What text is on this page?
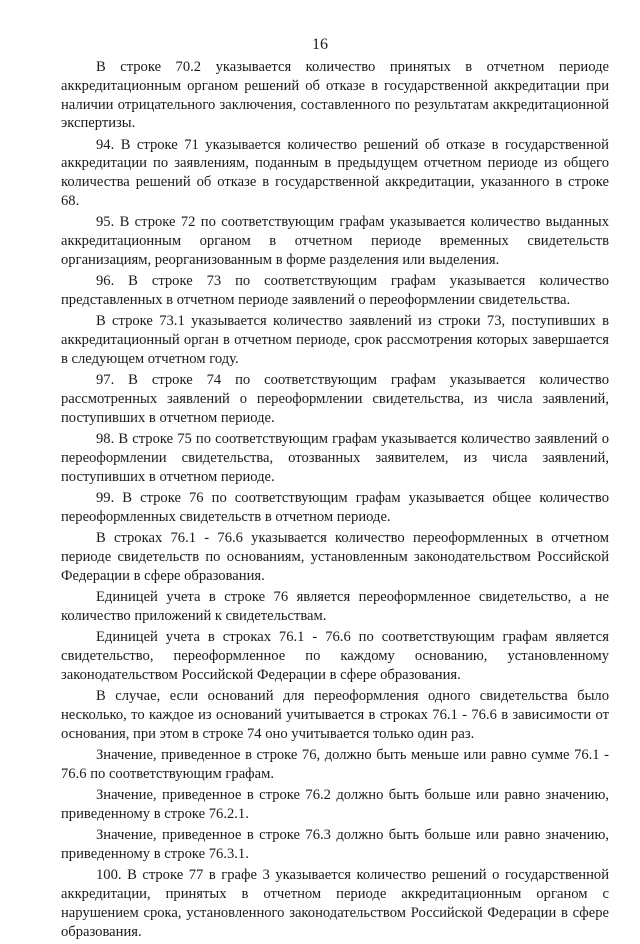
16

В строке 70.2 указывается количество принятых в отчетном периоде аккредитационным органом решений об отказе в государственной аккредитации при наличии отрицательного заключения, составленного по результатам аккредитационной экспертизы.

94. В строке 71 указывается количество решений об отказе в государственной аккредитации по заявлениям, поданным в предыдущем отчетном периоде из общего количества решений об отказе в государственной аккредитации, указанного в строке 68.

95. В строке 72 по соответствующим графам указывается количество выданных аккредитационным органом в отчетном периоде временных свидетельств организациям, реорганизованным в форме разделения или выделения.

96. В строке 73 по соответствующим графам указывается количество представленных в отчетном периоде заявлений о переоформлении свидетельства.

В строке 73.1 указывается количество заявлений из строки 73, поступивших в аккредитационный орган в отчетном периоде, срок рассмотрения которых завершается в следующем отчетном году.

97. В строке 74 по соответствующим графам указывается количество рассмотренных заявлений о переоформлении свидетельства, из числа заявлений, поступивших в отчетном периоде.

98. В строке 75 по соответствующим графам указывается количество заявлений о переоформлении свидетельства, отозванных заявителем, из числа заявлений, поступивших в отчетном периоде.

99. В строке 76 по соответствующим графам указывается общее количество переоформленных свидетельств в отчетном периоде.

В строках 76.1 - 76.6 указывается количество переоформленных в отчетном периоде свидетельств по основаниям, установленным законодательством Российской Федерации в сфере образования.

Единицей учета в строке 76 является переоформленное свидетельство, а не количество приложений к свидетельствам.

Единицей учета в строках 76.1 - 76.6 по соответствующим графам является свидетельство, переоформленное по каждому основанию, установленному законодательством Российской Федерации в сфере образования.

В случае, если оснований для переоформления одного свидетельства было несколько, то каждое из оснований учитывается в строках 76.1 - 76.6 в зависимости от основания, при этом в строке 74 оно учитывается только один раз.

Значение, приведенное в строке 76, должно быть меньше или равно сумме 76.1 - 76.6 по соответствующим графам.

Значение, приведенное в строке 76.2 должно быть больше или равно значению, приведенному в строке 76.2.1.

Значение, приведенное в строке 76.3 должно быть больше или равно значению, приведенному в строке 76.3.1.

100. В строке 77 в графе 3 указывается количество решений о государственной аккредитации, принятых в отчетном периоде аккредитационным органом с нарушением срока, установленного законодательством Российской Федерации в сфере образования.
